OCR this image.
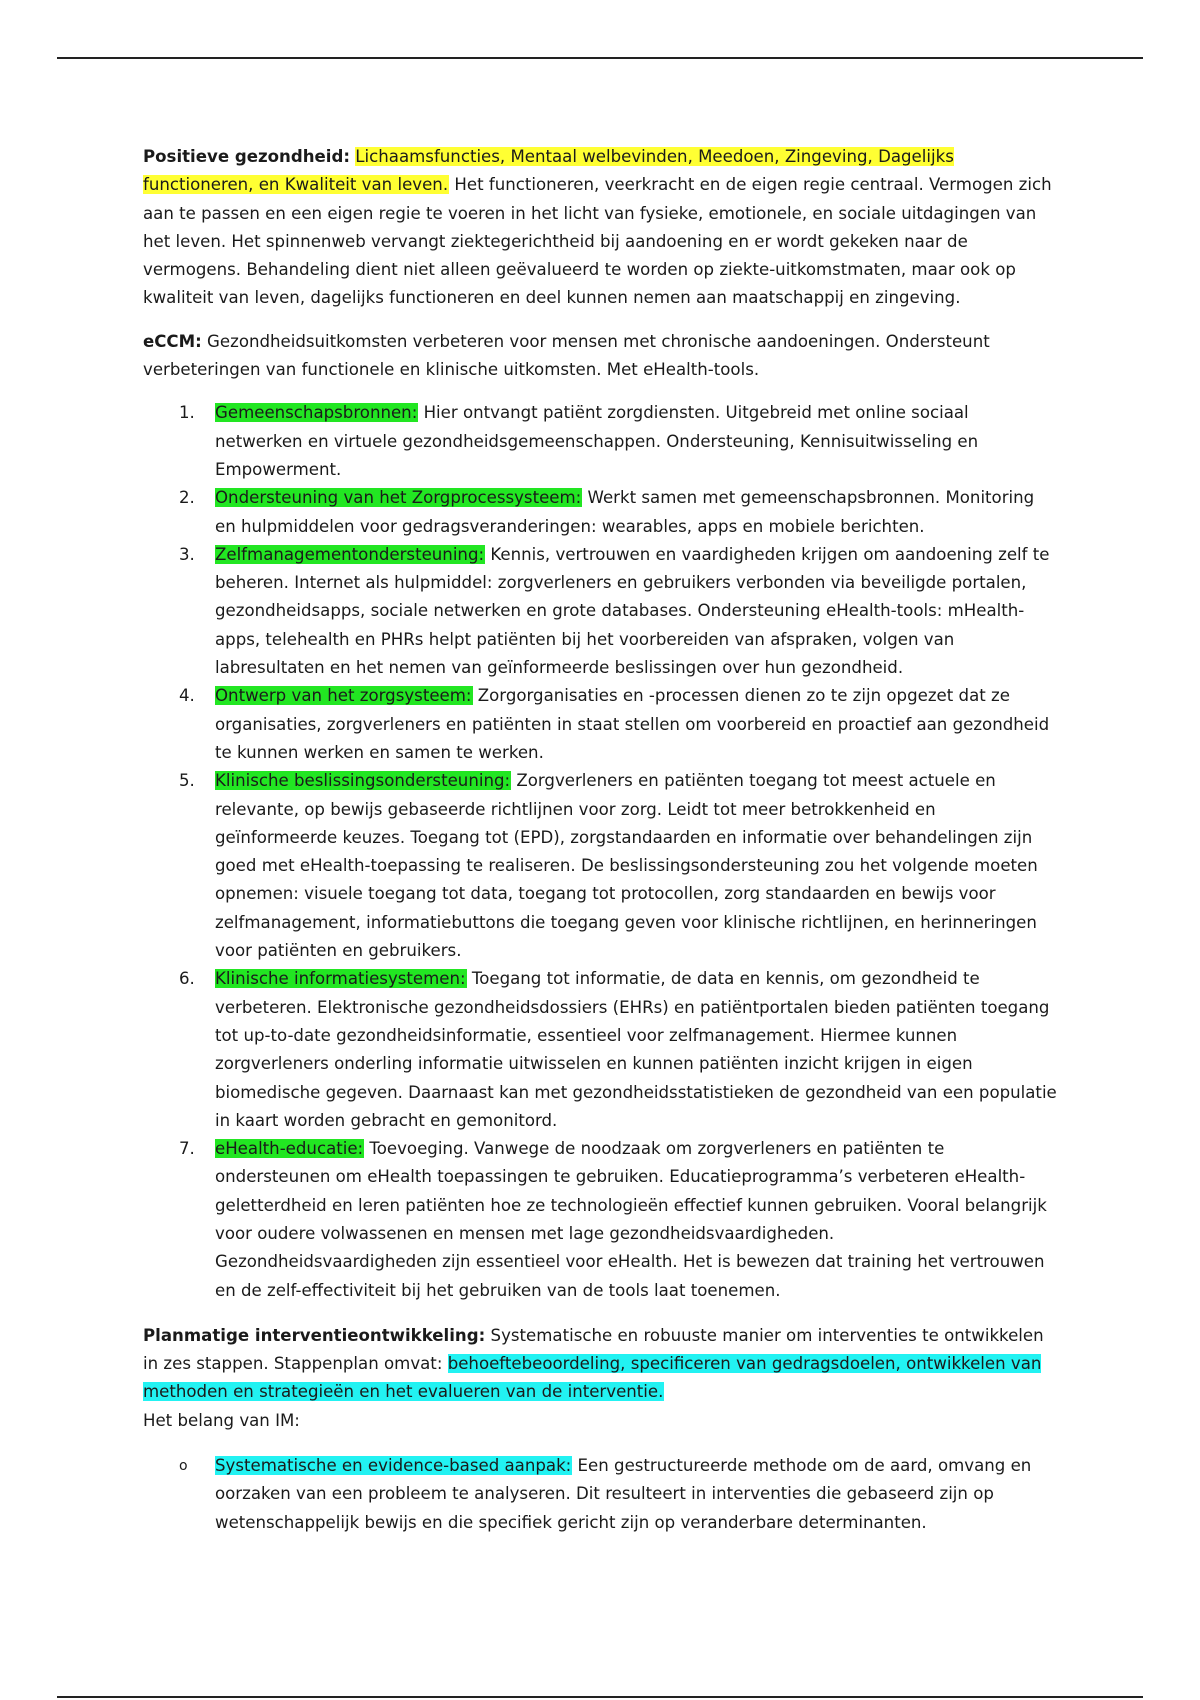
Positieve gezondheid: Lichaamsfuncties, Mentaal welbevinden, Meedoen, Zingeving, Dagelijks functioneren, en Kwaliteit van leven. Het functioneren, veerkracht en de eigen regie centraal. Vermogen zich aan te passen en een eigen regie te voeren in het licht van fysieke, emotionele, en sociale uitdagingen van het leven. Het spinnenweb vervangt ziektegerichtheid bij aandoening en er wordt gekeken naar de vermogens. Behandeling dient niet alleen geëvalueerd te worden op ziekte-uitkomstmaten, maar ook op kwaliteit van leven, dagelijks functioneren en deel kunnen nemen aan maatschappij en zingeving.

eCCM: Gezondheidsuitkomsten verbeteren voor mensen met chronische aandoeningen. Ondersteunt verbeteringen van functionele en klinische uitkomsten. Met eHealth-tools.

1. Gemeenschapsbronnen: Hier ontvangt patiënt zorgdiensten. Uitgebreid met online sociaal netwerken en virtuele gezondheidsgemeenschappen. Ondersteuning, Kennisuitwisseling en Empowerment.
2. Ondersteuning van het Zorgprocessysteem: Werkt samen met gemeenschapsbronnen. Monitoring en hulpmiddelen voor gedragsveranderingen: wearables, apps en mobiele berichten.
3. Zelfmanagementondersteuning: Kennis, vertrouwen en vaardigheden krijgen om aandoening zelf te beheren. Internet als hulpmiddel: zorgverleners en gebruikers verbonden via beveiligde portalen, gezondheidsapps, sociale netwerken en grote databases. Ondersteuning eHealth-tools: mHealth-apps, telehealth en PHRs helpt patiënten bij het voorbereiden van afspraken, volgen van labresultaten en het nemen van geïnformeerde beslissingen over hun gezondheid.
4. Ontwerp van het zorgsysteem: Zorgorganisaties en -processen dienen zo te zijn opgezet dat ze organisaties, zorgverleners en patiënten in staat stellen om voorbereid en proactief aan gezondheid te kunnen werken en samen te werken.
5. Klinische beslissingsondersteuning: Zorgverleners en patiënten toegang tot meest actuele en relevante, op bewijs gebaseerde richtlijnen voor zorg. Leidt tot meer betrokkenheid en geïnformeerde keuzes. Toegang tot (EPD), zorgstandaarden en informatie over behandelingen zijn goed met eHealth-toepassing te realiseren. De beslissingsondersteuning zou het volgende moeten opnemen: visuele toegang tot data, toegang tot protocollen, zorg standaarden en bewijs voor zelfmanagement, informatiebuttons die toegang geven voor klinische richtlijnen, en herinneringen voor patiënten en gebruikers.
6. Klinische informatiesystemen: Toegang tot informatie, de data en kennis, om gezondheid te verbeteren. Elektronische gezondheidsdossiers (EHRs) en patiëntportalen bieden patiënten toegang tot up-to-date gezondheidsinformatie, essentieel voor zelfmanagement. Hiermee kunnen zorgverleners onderling informatie uitwisselen en kunnen patiënten inzicht krijgen in eigen biomedische gegeven. Daarnaast kan met gezondheidsstatistieken de gezondheid van een populatie in kaart worden gebracht en gemonitord.
7. eHealth-educatie: Toevoeging. Vanwege de noodzaak om zorgverleners en patiënten te ondersteunen om eHealth toepassingen te gebruiken. Educatieprogramma’s verbeteren eHealth-geletterdheid en leren patiënten hoe ze technologieën effectief kunnen gebruiken. Vooral belangrijk voor oudere volwassenen en mensen met lage gezondheidsvaardigheden. Gezondheidsvaardigheden zijn essentieel voor eHealth. Het is bewezen dat training het vertrouwen en de zelf-effectiviteit bij het gebruiken van de tools laat toenemen.

Planmatige interventieontwikkeling: Systematische en robuuste manier om interventies te ontwikkelen in zes stappen. Stappenplan omvat: behoeftebeoordeling, specificeren van gedragsdoelen, ontwikkelen van methoden en strategieën en het evalueren van de interventie.

Het belang van IM:

o Systematische en evidence-based aanpak: Een gestructureerde methode om de aard, omvang en oorzaken van een probleem te analyseren. Dit resulteert in interventies die gebaseerd zijn op wetenschappelijk bewijs en die specifiek gericht zijn op veranderbare determinanten.
